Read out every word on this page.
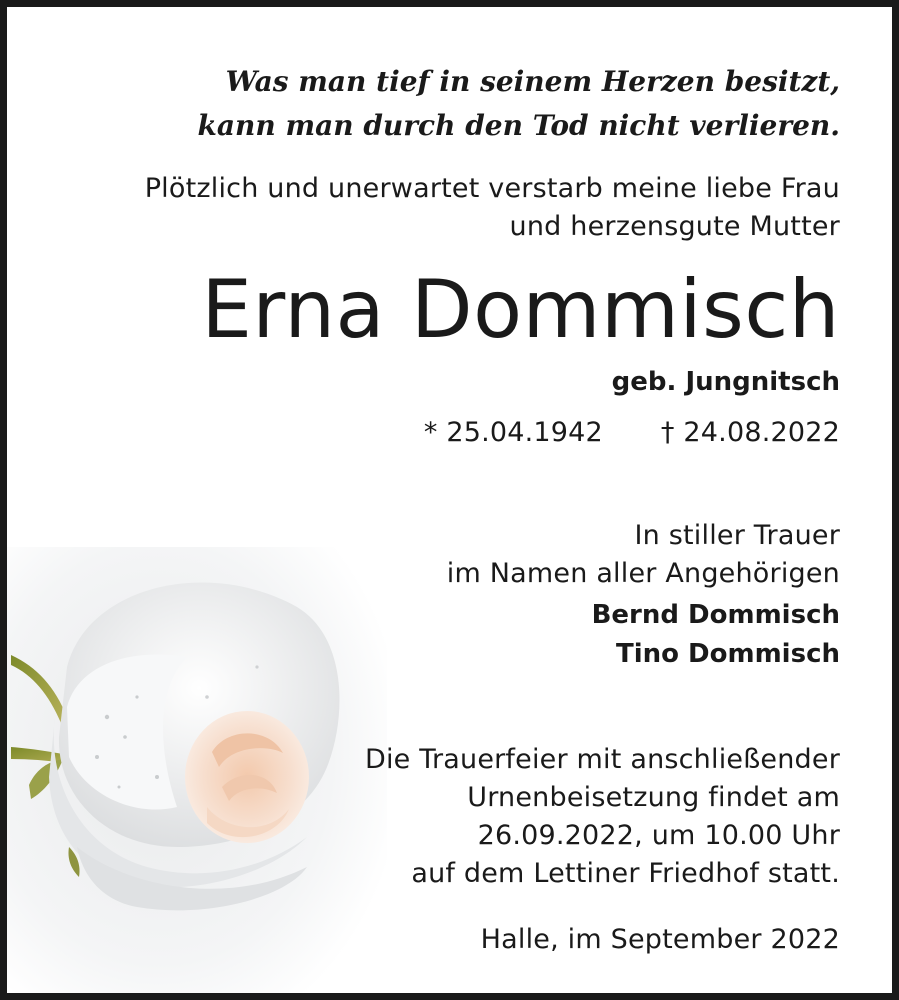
Was man tief in seinem Herzen besitzt,
kann man durch den Tod nicht verlieren.
Plötzlich und unerwartet verstarb meine liebe Frau
und herzensgute Mutter
Erna Dommisch
geb. Jungnitsch
* 25.04.1942 † 24.08.2022
In stiller Trauer
im Namen aller Angehörigen
Bernd Dommisch
Tino Dommisch
Die Trauerfeier mit anschließender
Urnenbeisetzung findet am
26.09.2022, um 10.00 Uhr
auf dem Lettiner Friedhof statt.
Halle, im September 2022
